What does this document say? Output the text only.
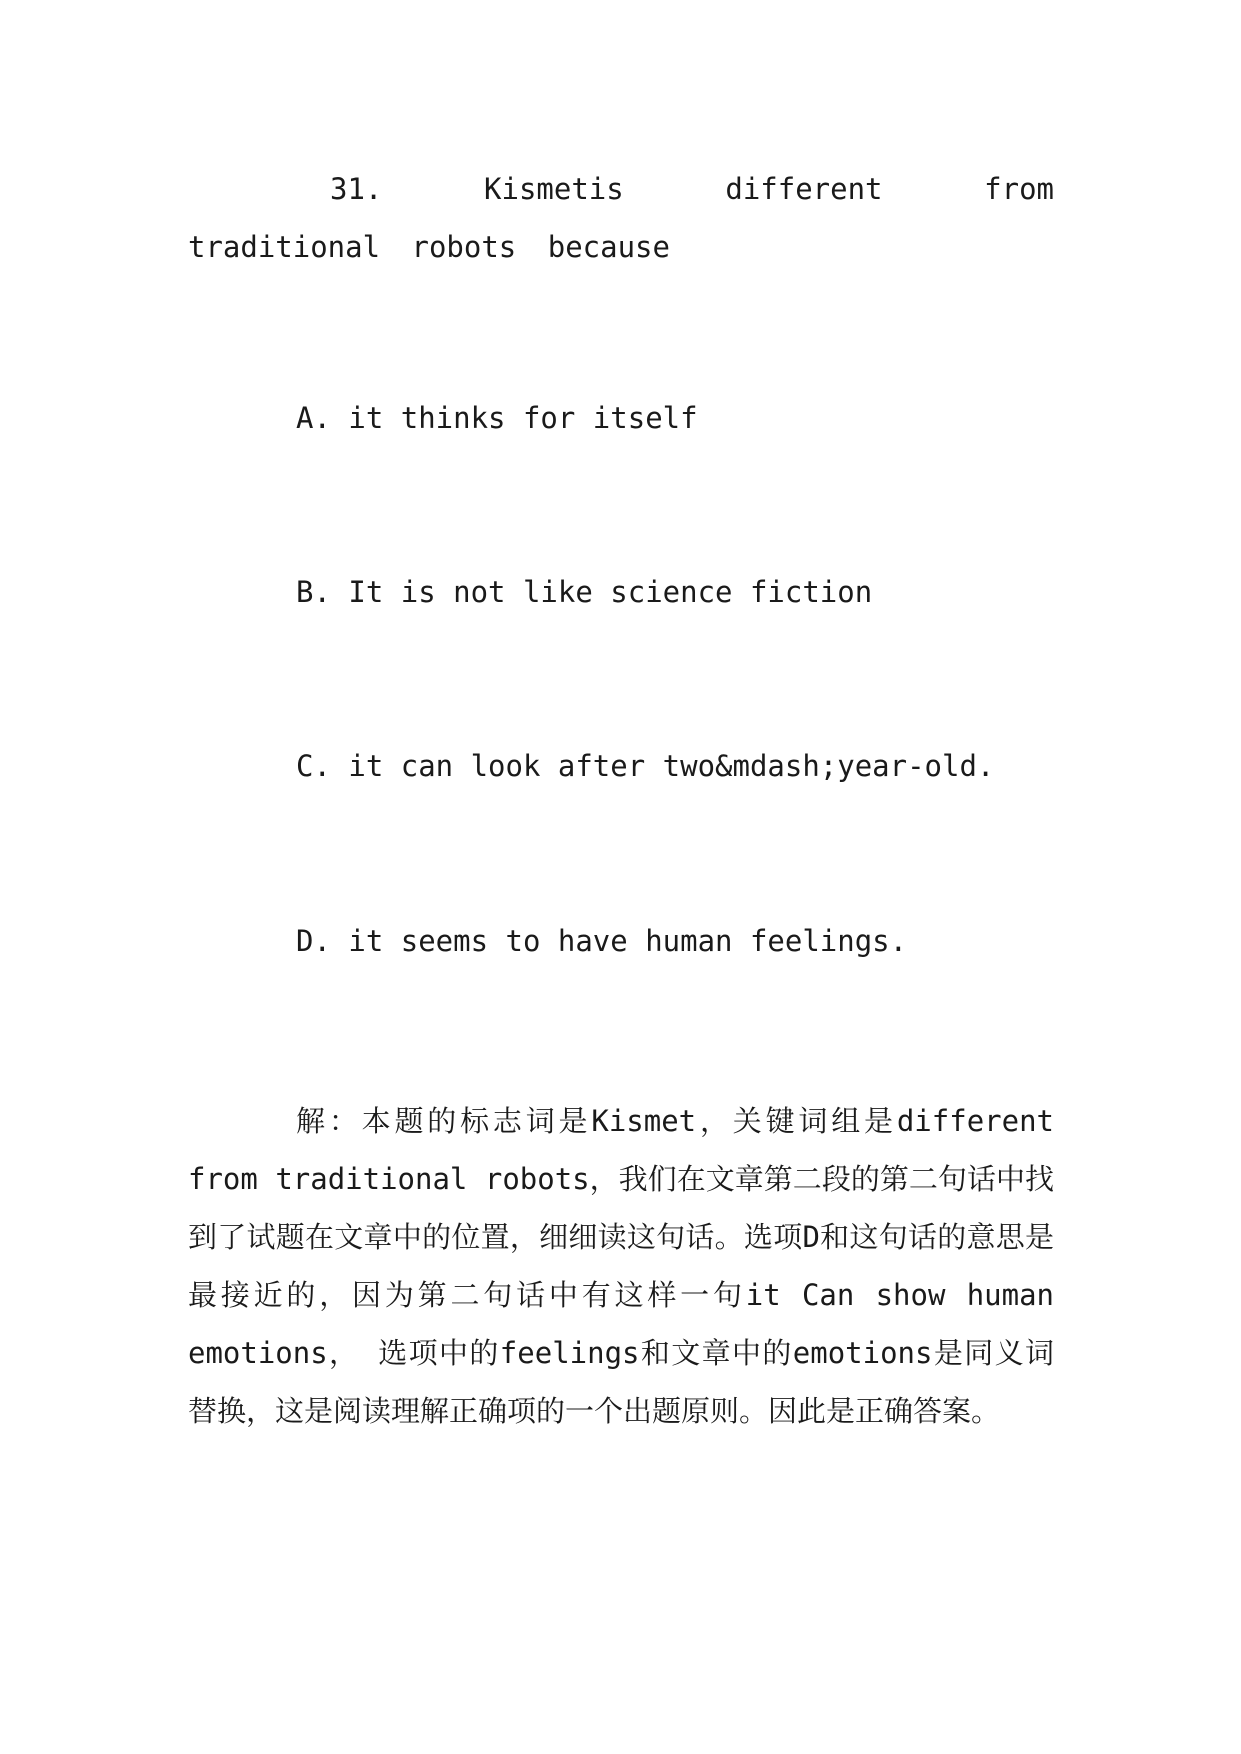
31. Kismetis different from traditional robots because

A. it thinks for itself

B. It is not like science fiction

C. it can look after two&mdash;year-old.

D. it seems to have human feelings.

解：本题的标志词是Kismet，关键词组是different from traditional robots，我们在文章第二段的第二句话中找到了试题在文章中的位置，细细读这句话。选项D和这句话的意思是最接近的，因为第二句话中有这样一句it Can show human emotions， 选项中的feelings和文章中的emotions是同义词替换，这是阅读理解正确项的一个出题原则。因此是正确答案。
